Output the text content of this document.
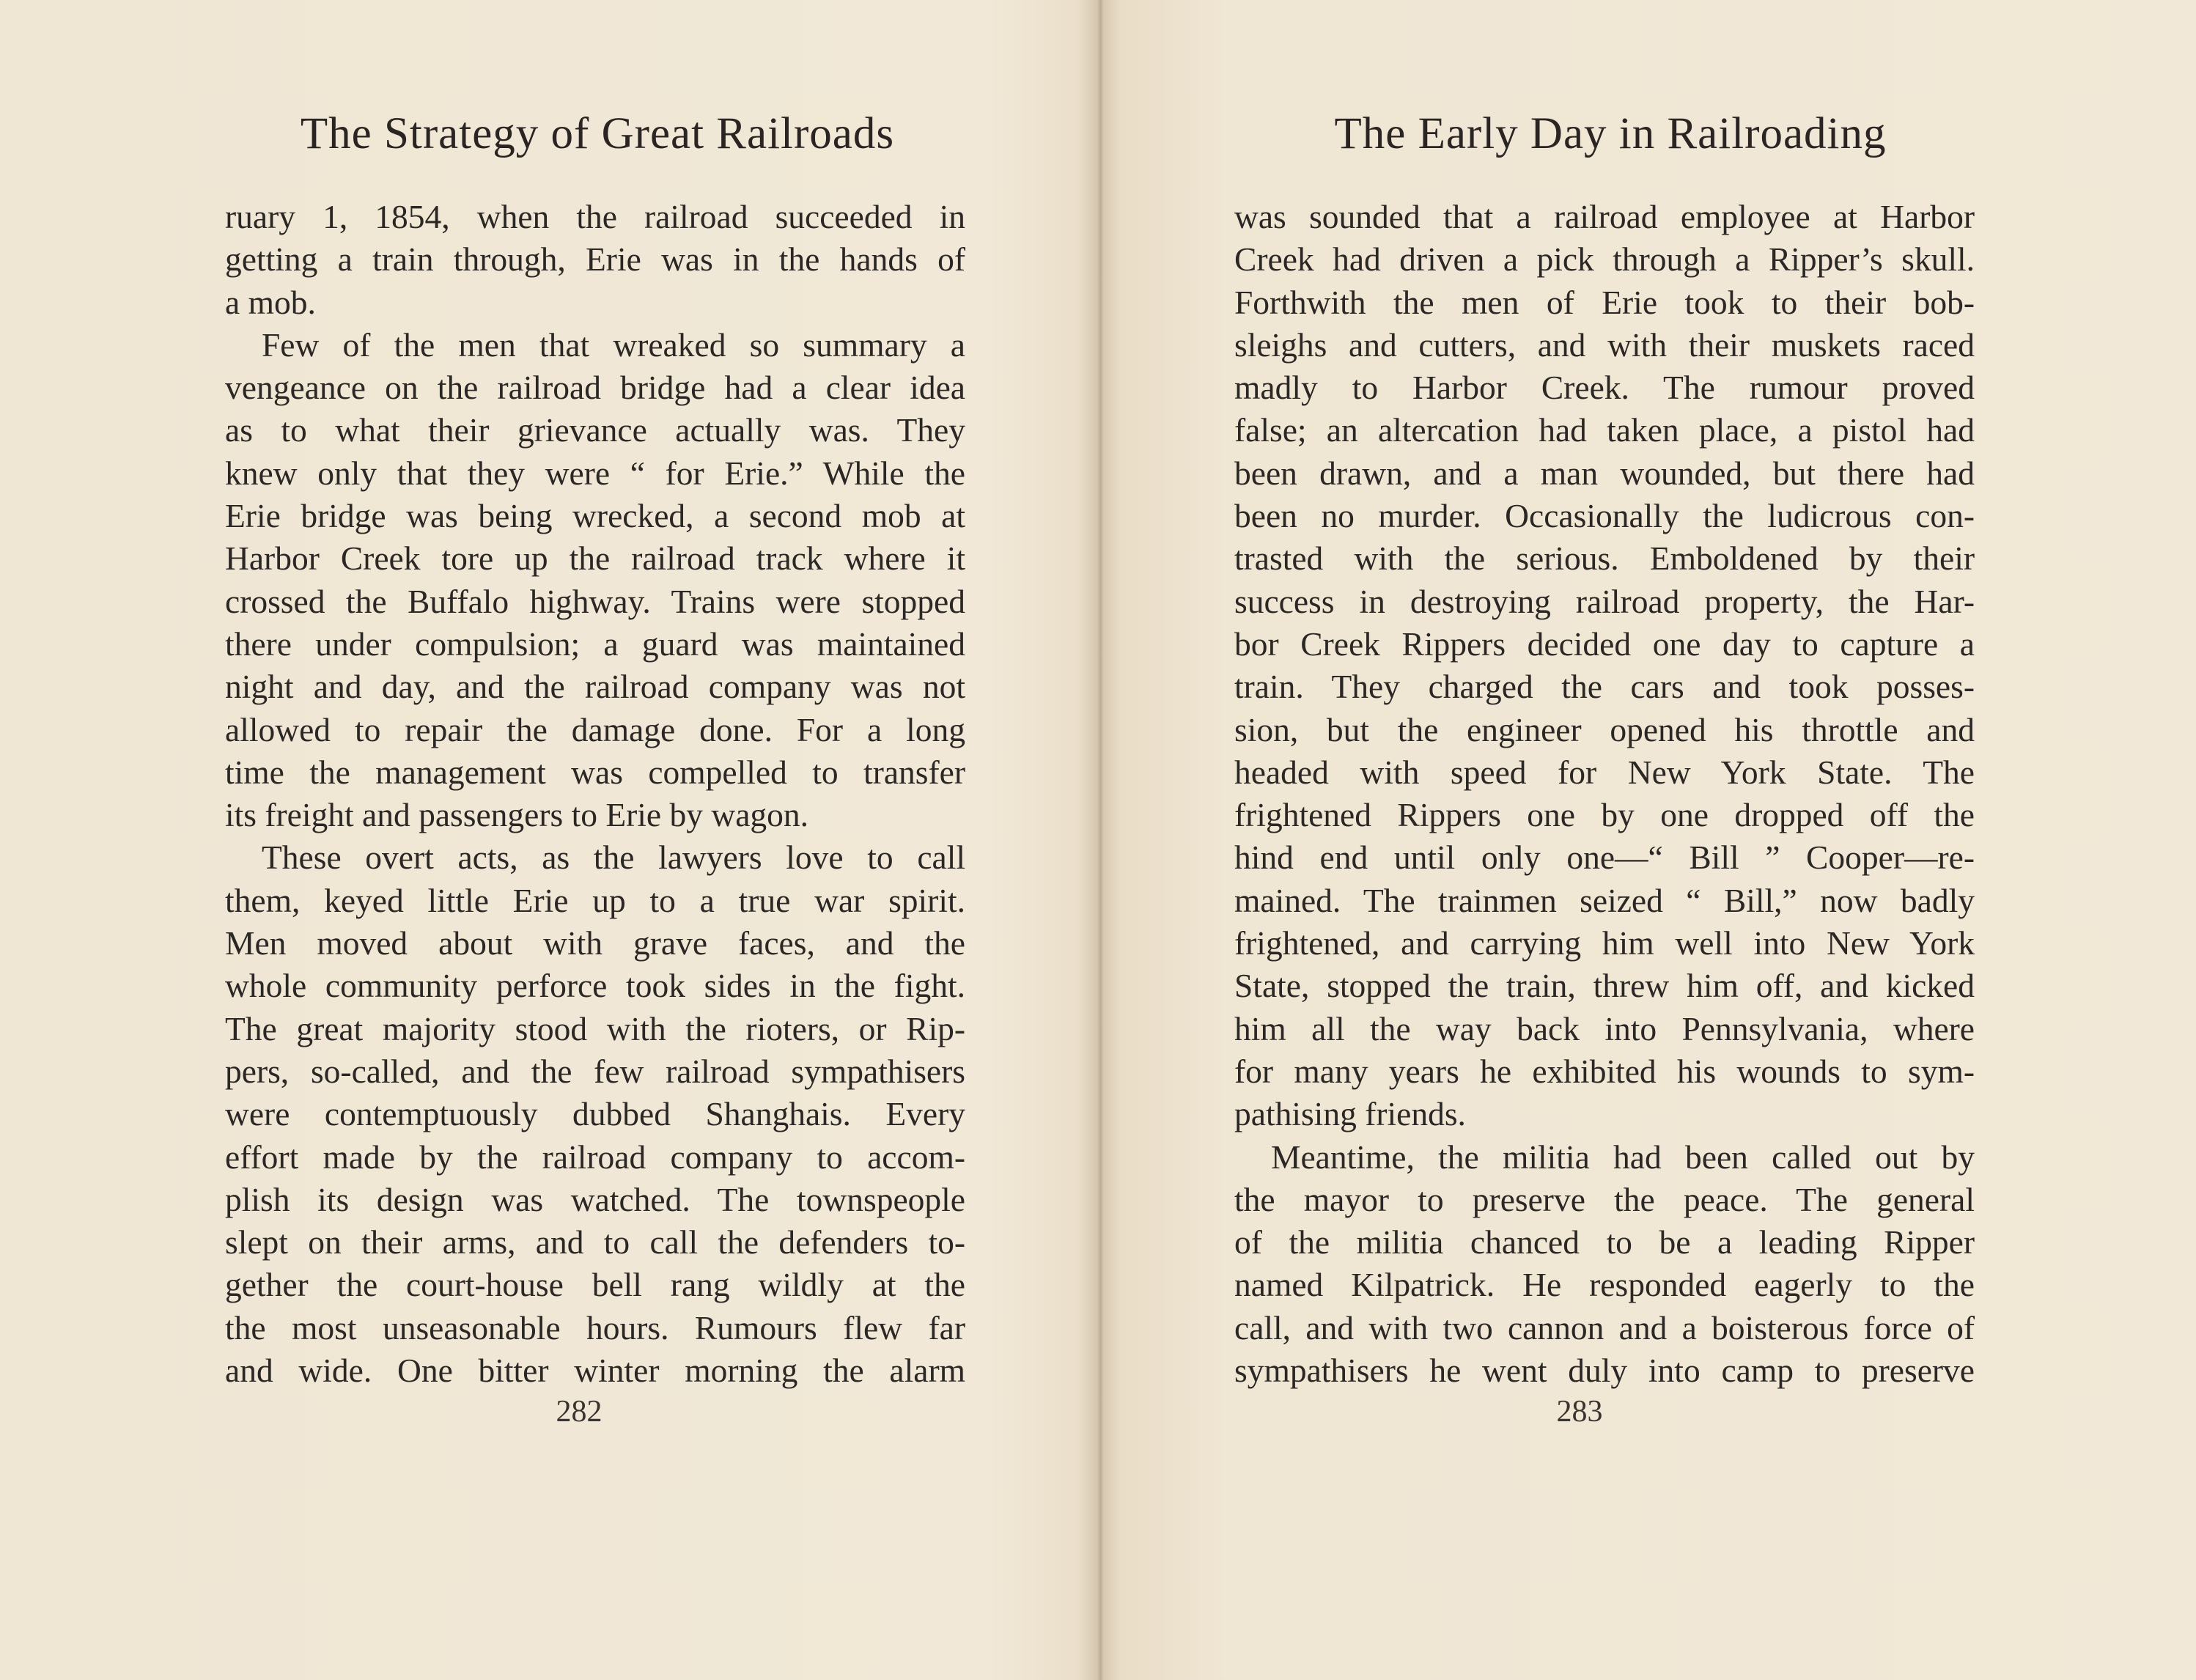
The Strategy of Great Railroads
ruary 1, 1854, when the railroad succeeded in
getting a train through, Erie was in the hands of
a mob.
Few of the men that wreaked so summary a
vengeance on the railroad bridge had a clear idea
as to what their grievance actually was. They
knew only that they were “ for Erie.” While the
Erie bridge was being wrecked, a second mob at
Harbor Creek tore up the railroad track where it
crossed the Buffalo highway. Trains were stopped
there under compulsion; a guard was maintained
night and day, and the railroad company was not
allowed to repair the damage done. For a long
time the management was compelled to transfer
its freight and passengers to Erie by wagon.
These overt acts, as the lawyers love to call
them, keyed little Erie up to a true war spirit.
Men moved about with grave faces, and the
whole community perforce took sides in the fight.
The great majority stood with the rioters, or Rip-
pers, so-called, and the few railroad sympathisers
were contemptuously dubbed Shanghais. Every
effort made by the railroad company to accom-
plish its design was watched. The townspeople
slept on their arms, and to call the defenders to-
gether the court-house bell rang wildly at the
the most unseasonable hours. Rumours flew far
and wide. One bitter winter morning the alarm
282
The Early Day in Railroading
was sounded that a railroad employee at Harbor
Creek had driven a pick through a Ripper’s skull.
Forthwith the men of Erie took to their bob-
sleighs and cutters, and with their muskets raced
madly to Harbor Creek. The rumour proved
false; an altercation had taken place, a pistol had
been drawn, and a man wounded, but there had
been no murder. Occasionally the ludicrous con-
trasted with the serious. Emboldened by their
success in destroying railroad property, the Har-
bor Creek Rippers decided one day to capture a
train. They charged the cars and took posses-
sion, but the engineer opened his throttle and
headed with speed for New York State. The
frightened Rippers one by one dropped off the
hind end until only one—“ Bill ” Cooper—re-
mained. The trainmen seized “ Bill,” now badly
frightened, and carrying him well into New York
State, stopped the train, threw him off, and kicked
him all the way back into Pennsylvania, where
for many years he exhibited his wounds to sym-
pathising friends.
Meantime, the militia had been called out by
the mayor to preserve the peace. The general
of the militia chanced to be a leading Ripper
named Kilpatrick. He responded eagerly to the
call, and with two cannon and a boisterous force of
sympathisers he went duly into camp to preserve
283
